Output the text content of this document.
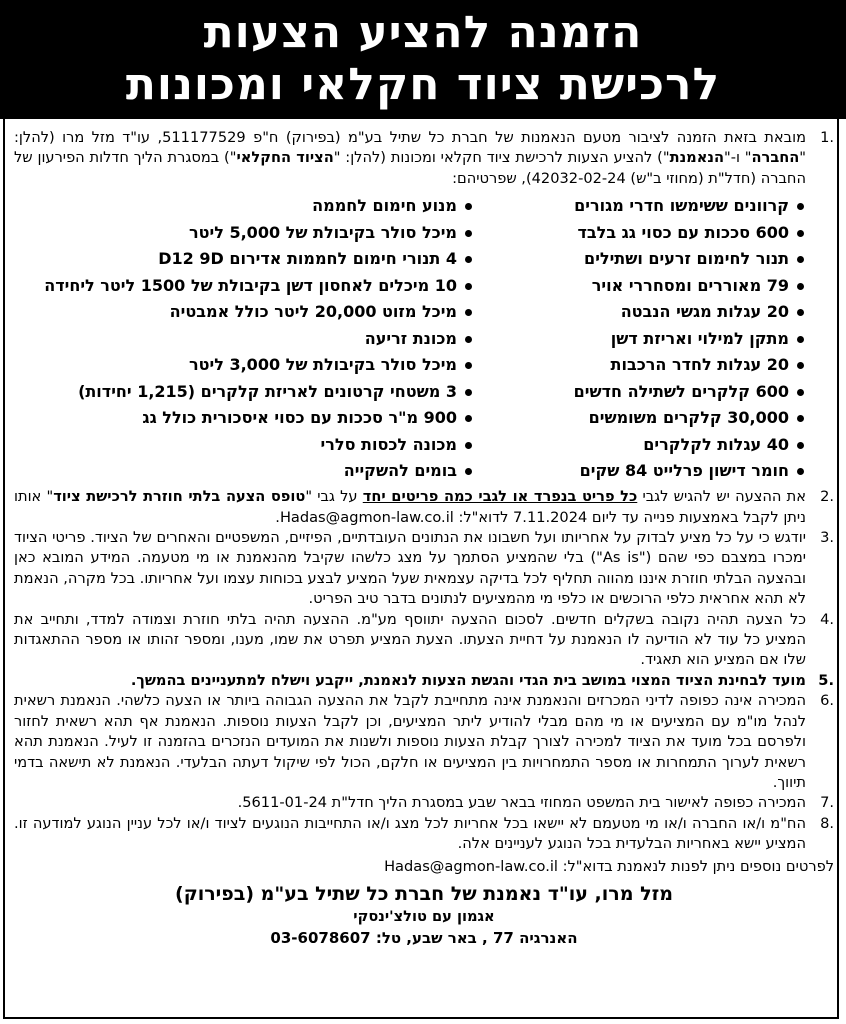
הזמנה להציע הצעות
לרכישת ציוד חקלאי ומכונות
1.
מובאת בזאת הזמנה לציבור מטעם הנאמנות של חברת כל שתיל בע"מ (בפירוק) ח"פ 511177529, עו"ד מזל מרו (להלן: "החברה" ו-"הנאמנת") להציע הצעות לרכישת ציוד חקלאי ומכונות (להלן: "הציוד החקלאי") במסגרת הליך חדלות הפירעון של החברה (חדל"ת (מחוזי ב"ש) 42032-02-24), שפרטיהם:
קרוונים ששימשו חדרי מגורים
600 סככות עם כסוי גג בלבד
תנור לחימום זרעים ושתילים
79 מאוררים ומסחררי אויר
20 עגלות מגשי הנבטה
מתקן למילוי ואריזת דשן
20 עגלות לחדר הרכבות
600 קלקרים לשתילה חדשים
30,000 קלקרים משומשים
40 עגלות לקלקרים
חומר דישון פרלייט 84 שקים
מנוע חימום לחממה
מיכל סולר בקיבולת של 5,000 ליטר
4 תנורי חימום לחממות אדירום D12 9D
10 מיכלים לאחסון דשן בקיבולת של 1500 ליטר ליחידה
מיכל מזוט 20,000 ליטר כולל אמבטיה
מכונת זריעה
מיכל סולר בקיבולת של 3,000 ליטר
3 משטחי קרטונים לאריזת קלקרים (1,215 יחידות)
900 מ"ר סככות עם כסוי איסכורית כולל גג
מכונה לכסות סלרי
בומים להשקייה
2.
את ההצעה יש להגיש לגבי כל פריט בנפרד או לגבי כמה פריטים יחד על גבי "טופס הצעה בלתי חוזרת לרכישת ציוד" אותו ניתן לקבל באמצעות פנייה עד ליום 7.11.2024 לדוא"ל: Hadas@agmon-law.co.il.
3.
יודגש כי על כל מציע לבדוק על אחריותו ועל חשבונו את הנתונים העובדתיים, הפיזיים, המשפטיים והאחרים של הציוד. פריטי הציוד ימכרו במצבם כפי שהם ("As is") בלי שהמציע הסתמך על מצג כלשהו שקיבל מהנאמנת או מי מטעמה. המידע המובא כאן ובהצעה הבלתי חוזרת איננו מהווה תחליף לכל בדיקה עצמאית שעל המציע לבצע בכוחות עצמו ועל אחריותו. בכל מקרה, הנאמת לא תהא אחראית כלפי הרוכשים או כלפי מי מהמציעים לנתונים בדבר טיב הפריט.
4.
כל הצעה תהיה נקובה בשקלים חדשים. לסכום ההצעה יתווסף מע"מ. ההצעה תהיה בלתי חוזרת וצמודה למדד, ותחייב את המציע כל עוד לא הודיעה לו הנאמנת על דחיית הצעתו. הצעת המציע תפרט את שמו, מענו, ומספר זהותו או מספר ההתאגדות שלו אם המציע הוא תאגיד.
5.
מועד לבחינת הציוד המצוי במושב בית הגדי והגשת הצעות לנאמנת, ייקבע וישלח למתעניינים בהמשך.
6.
המכירה אינה כפופה לדיני המכרזים והנאמנת אינה מתחייבת לקבל את ההצעה הגבוהה ביותר או הצעה כלשהי. הנאמנת רשאית לנהל מו"מ עם המציעים או מי מהם מבלי להודיע ליתר המציעים, וכן לקבל הצעות נוספות. הנאמנת אף תהא רשאית לחזור ולפרסם בכל מועד את הציוד למכירה לצורך קבלת הצעות נוספות ולשנות את המועדים הנזכרים בהזמנה זו לעיל. הנאמנת תהא רשאית לערוך התמחרות או מספר התמחרויות בין המציעים או חלקם, הכול לפי שיקול דעתה הבלעדי. הנאמנת לא תישאה בדמי תיווך.
7.
המכירה כפופה לאישור בית המשפט המחוזי בבאר שבע במסגרת הליך חדל"ת 5611-01-24.
8.
הח"מ ו/או החברה ו/או מי מטעמם לא יישאו בכל אחריות לכל מצג ו/או התחייבות הנוגעים לציוד ו/או לכל עניין הנוגע למודעה זו. המציע יישא באחריות הבלעדית בכל הנוגע לעניינים אלה.
לפרטים נוספים ניתן לפנות לנאמנת בדוא"ל: Hadas@agmon-law.co.il
מזל מרו, עו"ד נאמנת של חברת כל שתיל בע"מ (בפירוק)
אגמון עם טולצ'ינסקי
האנרגיה 77 , באר שבע, טל: 03-6078607
